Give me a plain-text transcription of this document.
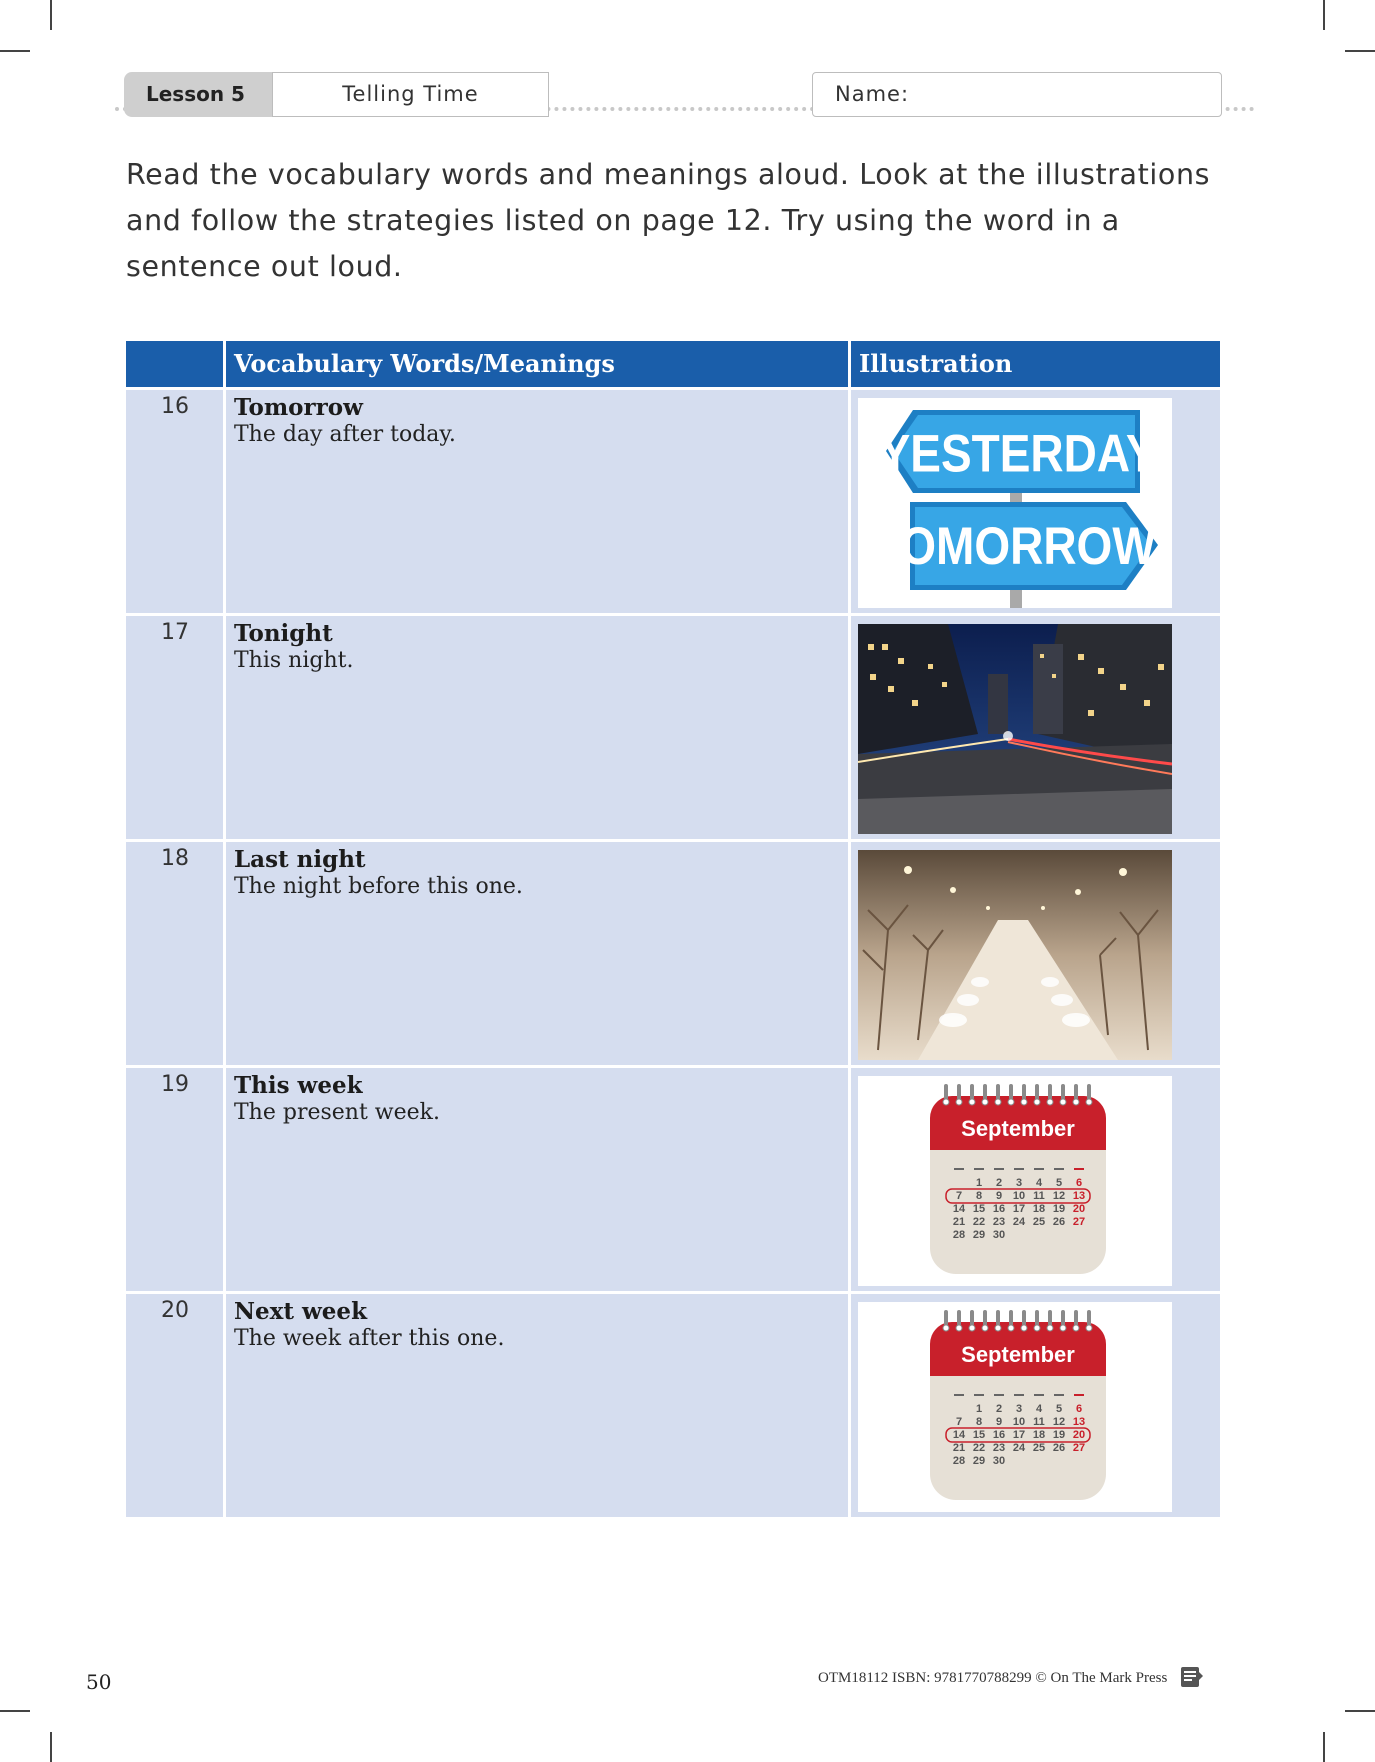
Lesson 5	Telling Time	Name:
Read the vocabulary words and meanings aloud. Look at the illustrations and follow the strategies listed on page 12. Try using the word in a sentence out loud.
Vocabulary Words/Meanings	Illustration
16	Tomorrow
The day after today.	YESTERDAY
TOMORROW
17	Tonight
This night.
18	Last night
The night before this one.
19	This week
The present week.
September
1 2 3 4 5 6
7 8 9 10 11 12 13
14 15 16 17 18 19 20
21 22 23 24 25 26 27
28 29 30
20	Next week
The week after this one.
September
1 2 3 4 5 6
7 8 9 10 11 12 13
14 15 16 17 18 19 20
21 22 23 24 25 26 27
28 29 30
50	OTM18112 ISBN: 9781770788299 © On The Mark Press
